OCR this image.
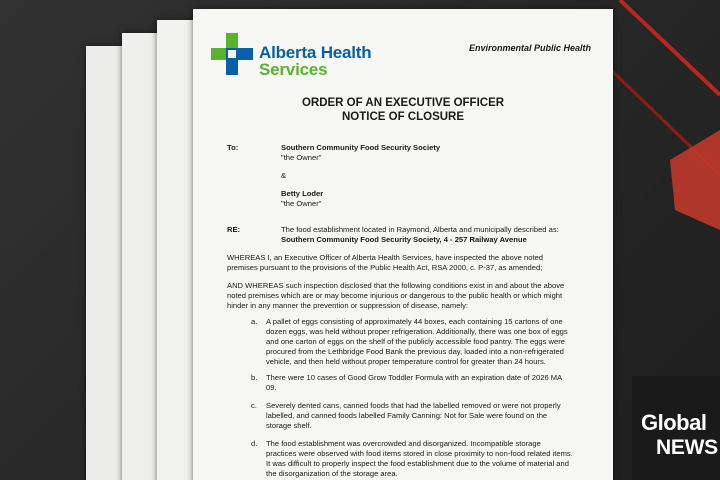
Alberta Health
Services
Environmental Public Health
ORDER OF AN EXECUTIVE OFFICER
NOTICE OF CLOSURE
To:	Southern Community Food Security Society
"the Owner"
&
Betty Loder
"the Owner"
RE:	The food establishment located in Raymond, Alberta and municipally described as:
Southern Community Food Security Society, 4 - 257 Railway Avenue
WHEREAS I, an Executive Officer of Alberta Health Services, have inspected the above noted
premises pursuant to the provisions of the Public Health Act, RSA 2000, c. P-37, as amended;
AND WHEREAS such inspection disclosed that the following conditions exist in and about the above
noted premises which are or may become injurious or dangerous to the public health or which might
hinder in any manner the prevention or suppression of disease, namely:
a. A pallet of eggs consisting of approximately 44 boxes, each containing 15 cartons of one
dozen eggs, was held without proper refrigeration. Additionally, there was one box of eggs
and one carton of eggs on the shelf of the publicly accessible food pantry. The eggs were
procured from the Lethbridge Food Bank the previous day, loaded into a non-refrigerated
vehicle, and then held without proper temperature control for greater than 24 hours.
b. There were 10 cases of Good Grow Toddler Formula with an expiration date of 2026 MA
09.
c. Severely dented cans, canned foods that had the labelled removed or were not properly
labelled, and canned foods labelled Family Canning: Not for Sale were found on the
storage shelf.
d. The food establishment was overcrowded and disorganized. Incompatible storage
practices were observed with food items stored in close proximity to non-food related items.
It was difficult to properly inspect the food establishment due to the volume of material and
the disorganization of the storage area.
Global
NEWS
